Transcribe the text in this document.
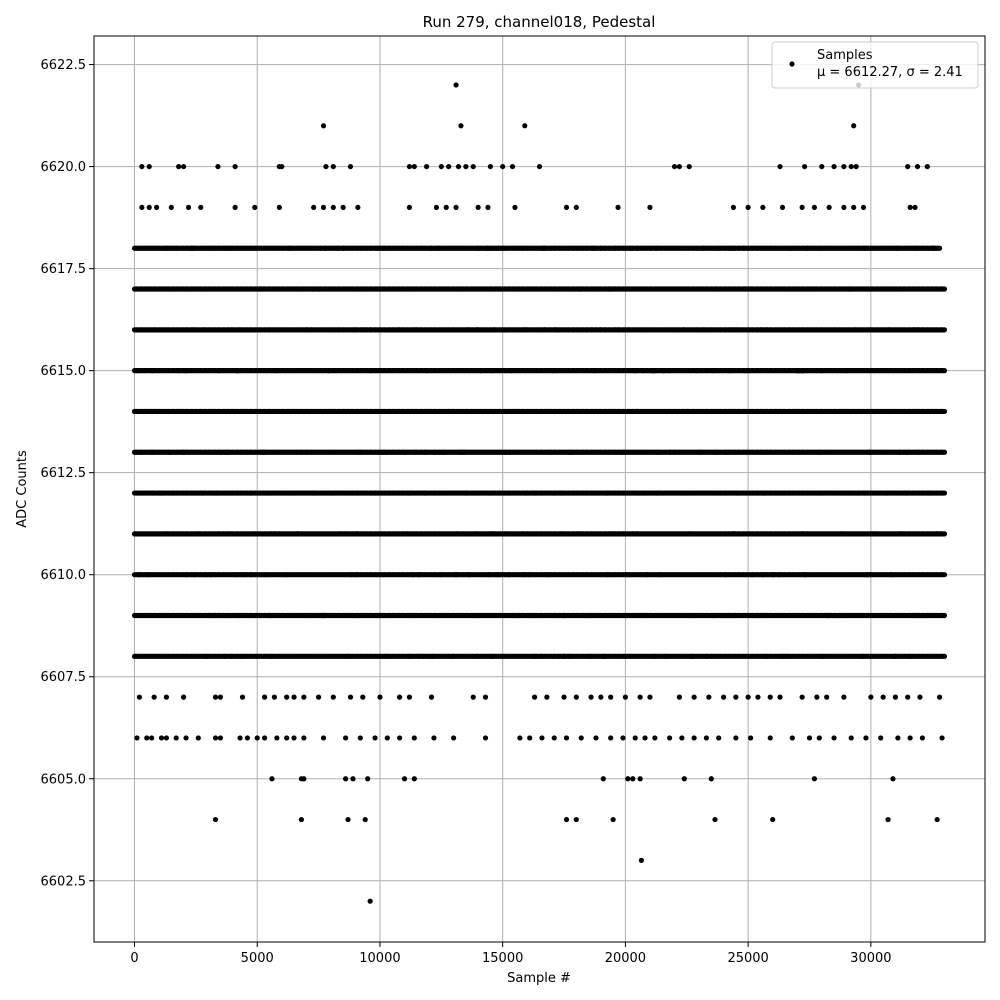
Run 279, channel018, Pedestal
0	5000	10000	15000	20000	25000	30000
6602.5
6605.0
6607.5
6610.0
6612.5
6615.0
6617.5
6620.0
6622.5
Sample #
ADC Counts
Samples
μ = 6612.27, σ = 2.41
